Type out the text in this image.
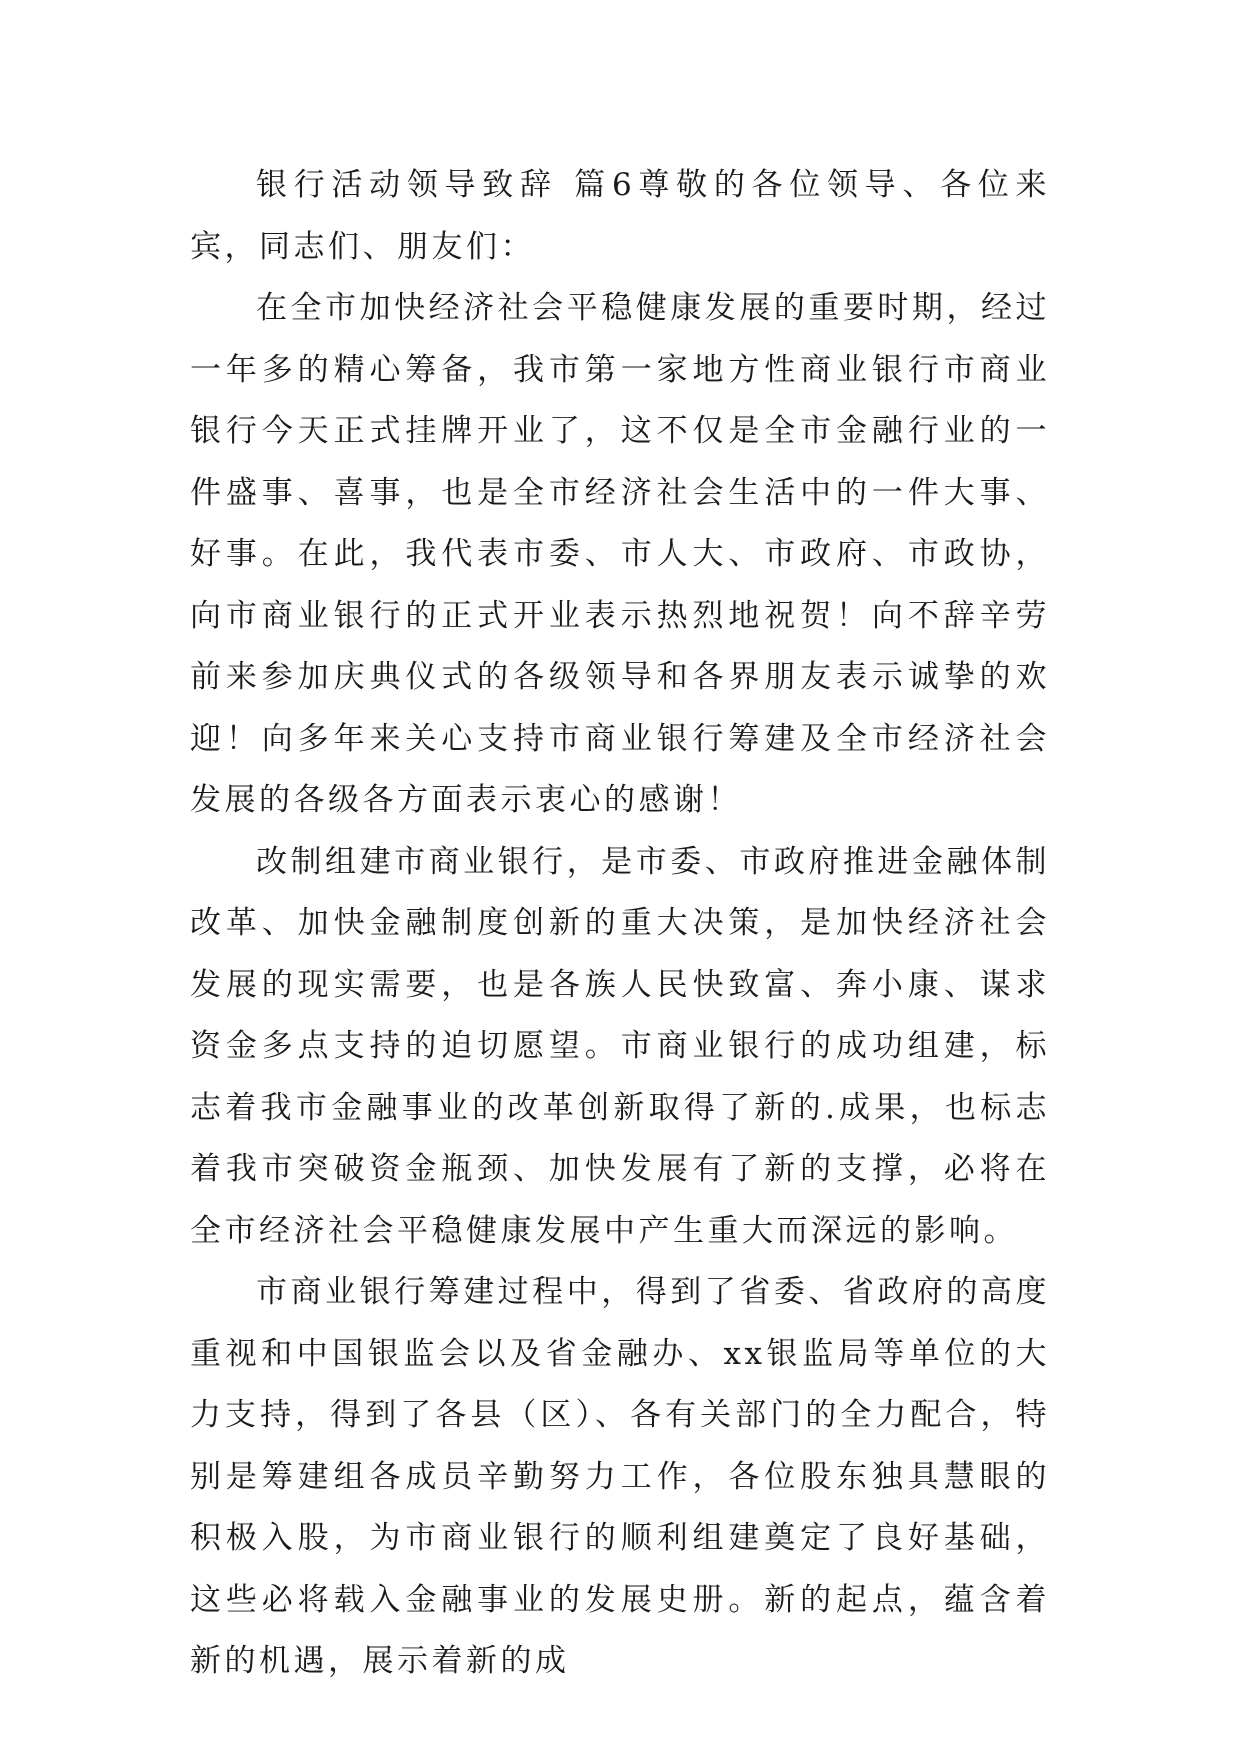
银行活动领导致辞 篇6尊敬的各位领导、各位来宾，同志们、朋友们：

在全市加快经济社会平稳健康发展的重要时期，经过一年多的精心筹备，我市第一家地方性商业银行市商业银行今天正式挂牌开业了，这不仅是全市金融行业的一件盛事、喜事，也是全市经济社会生活中的一件大事、好事。在此，我代表市委、市人大、市政府、市政协，向市商业银行的正式开业表示热烈地祝贺！向不辞辛劳前来参加庆典仪式的各级领导和各界朋友表示诚挚的欢迎！向多年来关心支持市商业银行筹建及全市经济社会发展的各级各方面表示衷心的感谢！

改制组建市商业银行，是市委、市政府推进金融体制改革、加快金融制度创新的重大决策，是加快经济社会发展的现实需要，也是各族人民快致富、奔小康、谋求资金多点支持的迫切愿望。市商业银行的成功组建，标志着我市金融事业的改革创新取得了新的.成果，也标志着我市突破资金瓶颈、加快发展有了新的支撑，必将在全市经济社会平稳健康发展中产生重大而深远的影响。

市商业银行筹建过程中，得到了省委、省政府的高度重视和中国银监会以及省金融办、xx银监局等单位的大力支持，得到了各县（区）、各有关部门的全力配合，特别是筹建组各成员辛勤努力工作，各位股东独具慧眼的积极入股，为市商业银行的顺利组建奠定了良好基础，这些必将载入金融事业的发展史册。新的起点，蕴含着新的机遇，展示着新的成
